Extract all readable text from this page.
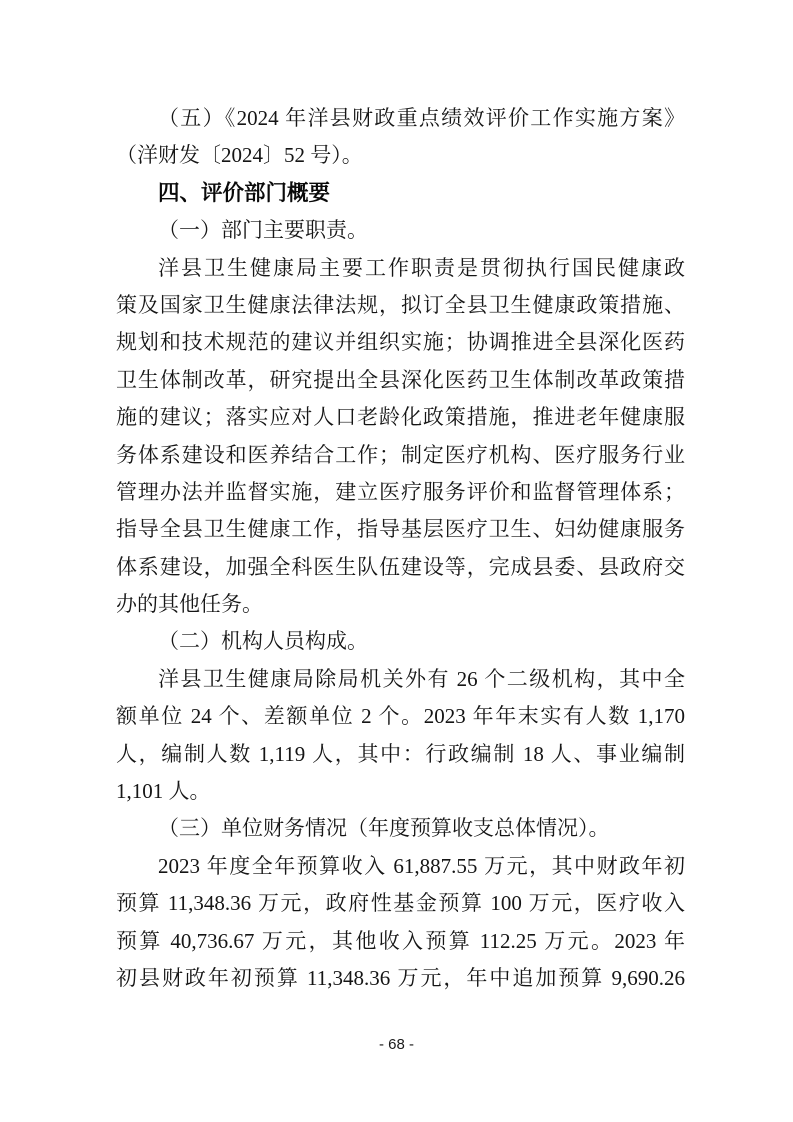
（五）《2024 年洋县财政重点绩效评价工作实施方案》
（洋财发〔2024〕52 号）。
四、评价部门概要
（一）部门主要职责。
洋县卫生健康局主要工作职责是贯彻执行国民健康政
策及国家卫生健康法律法规，拟订全县卫生健康政策措施、
规划和技术规范的建议并组织实施；协调推进全县深化医药
卫生体制改革，研究提出全县深化医药卫生体制改革政策措
施的建议；落实应对人口老龄化政策措施，推进老年健康服
务体系建设和医养结合工作；制定医疗机构、医疗服务行业
管理办法并监督实施，建立医疗服务评价和监督管理体系；
指导全县卫生健康工作，指导基层医疗卫生、妇幼健康服务
体系建设，加强全科医生队伍建设等，完成县委、县政府交
办的其他任务。
（二）机构人员构成。
洋县卫生健康局除局机关外有 26 个二级机构，其中全
额单位 24 个、差额单位 2 个。2023 年年末实有人数 1,170
人，编制人数 1,119 人，其中：行政编制 18 人、事业编制
1,101 人。
（三）单位财务情况（年度预算收支总体情况）。
2023 年度全年预算收入 61,887.55 万元，其中财政年初
预算 11,348.36 万元，政府性基金预算 100 万元，医疗收入
预算 40,736.67 万元，其他收入预算 112.25 万元。2023 年
初县财政年初预算 11,348.36 万元，年中追加预算 9,690.26
- 68 -
